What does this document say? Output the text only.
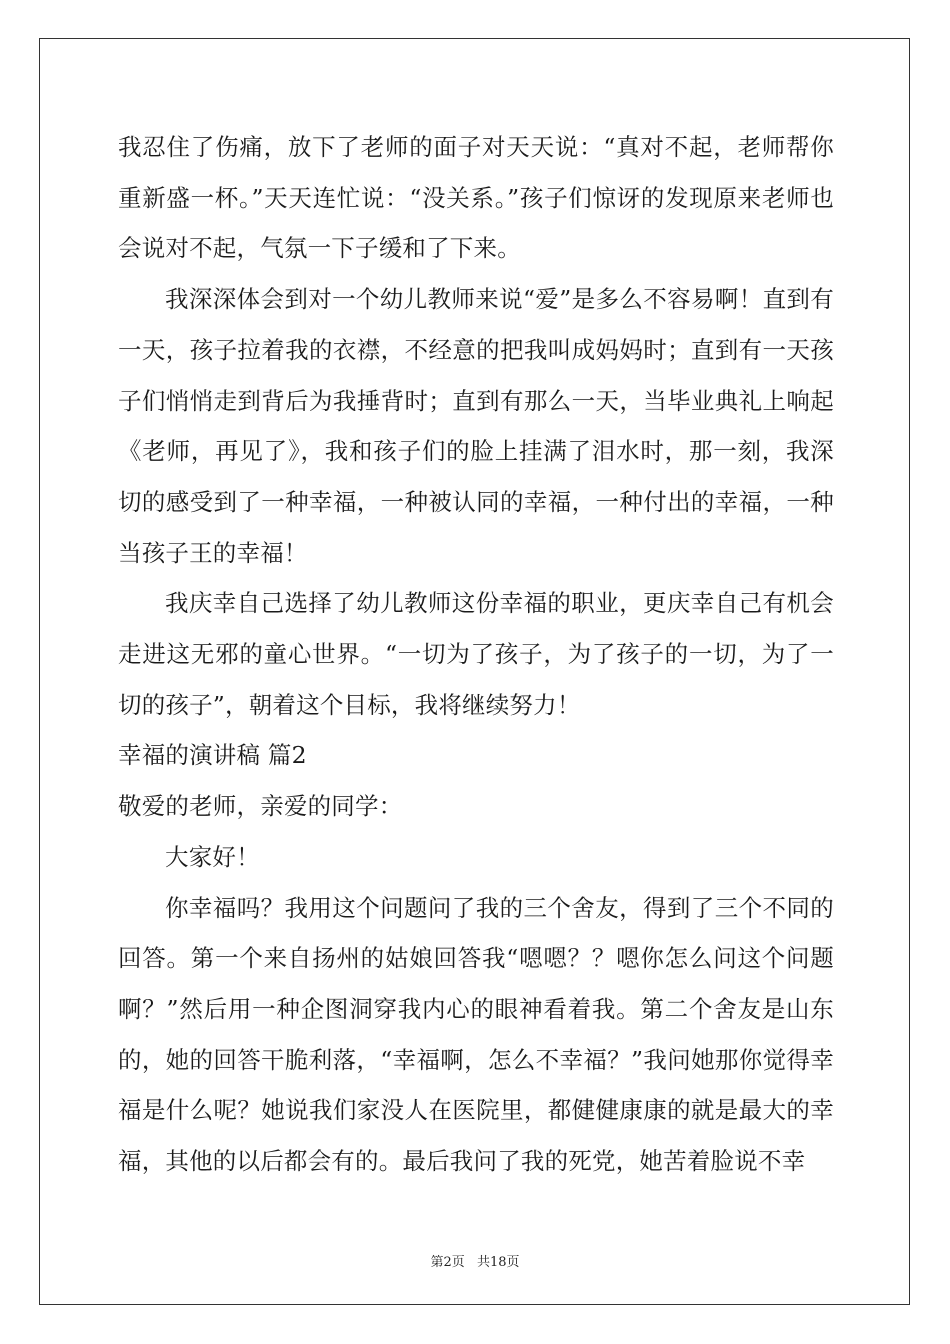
我忍住了伤痛，放下了老师的面子对天天说：“真对不起，老师帮你重新盛一杯。”天天连忙说：“没关系。”孩子们惊讶的发现原来老师也会说对不起，气氛一下子缓和了下来。

我深深体会到对一个幼儿教师来说“爱”是多么不容易啊！直到有一天，孩子拉着我的衣襟，不经意的把我叫成妈妈时；直到有一天孩子们悄悄走到背后为我捶背时；直到有那么一天，当毕业典礼上响起《老师，再见了》，我和孩子们的脸上挂满了泪水时，那一刻，我深切的感受到了一种幸福，一种被认同的幸福，一种付出的幸福，一种当孩子王的幸福！

我庆幸自己选择了幼儿教师这份幸福的职业，更庆幸自己有机会走进这无邪的童心世界。“一切为了孩子，为了孩子的一切，为了一切的孩子”，朝着这个目标，我将继续努力！

幸福的演讲稿 篇2

敬爱的老师，亲爱的同学：

大家好！

你幸福吗？我用这个问题问了我的三个舍友，得到了三个不同的回答。第一个来自扬州的姑娘回答我“嗯嗯？？嗯你怎么问这个问题啊？”然后用一种企图洞穿我内心的眼神看着我。第二个舍友是山东的，她的回答干脆利落，“幸福啊，怎么不幸福？”我问她那你觉得幸福是什么呢？她说我们家没人在医院里，都健健康康的就是最大的幸福，其他的以后都会有的。最后我问了我的死党，她苦着脸说不幸

第2页 共18页
